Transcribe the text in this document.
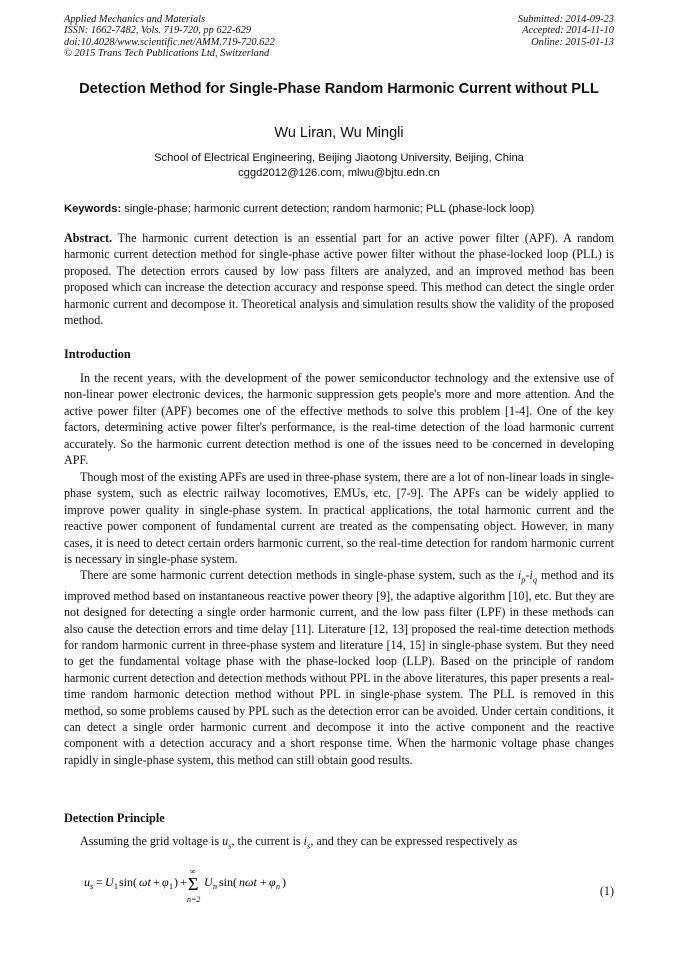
Applied Mechanics and Materials
ISSN: 1662-7482, Vols. 719-720, pp 622-629
doi:10.4028/www.scientific.net/AMM.719-720.622
© 2015 Trans Tech Publications Ltd, Switzerland
Submitted: 2014-09-23
Accepted: 2014-11-10
Online: 2015-01-13
Detection Method for Single-Phase Random Harmonic Current without PLL
Wu Liran, Wu Mingli
School of Electrical Engineering, Beijing Jiaotong University, Beijing, China
cggd2012@126.com, mlwu@bjtu.edn.cn
Keywords: single-phase; harmonic current detection; random harmonic; PLL (phase-lock loop)
Abstract. The harmonic current detection is an essential part for an active power filter (APF). A random harmonic current detection method for single-phase active power filter without the phase-locked loop (PLL) is proposed. The detection errors caused by low pass filters are analyzed, and an improved method has been proposed which can increase the detection accuracy and response speed. This method can detect the single order harmonic current and decompose it. Theoretical analysis and simulation results show the validity of the proposed method.
Introduction
In the recent years, with the development of the power semiconductor technology and the extensive use of non-linear power electronic devices, the harmonic suppression gets people's more and more attention. And the active power filter (APF) becomes one of the effective methods to solve this problem [1-4]. One of the key factors, determining active power filter's performance, is the real-time detection of the load harmonic current accurately. So the harmonic current detection method is one of the issues need to be concerned in developing APF.
Though most of the existing APFs are used in three-phase system, there are a lot of non-linear loads in single-phase system, such as electric railway locomotives, EMUs, etc. [7-9]. The APFs can be widely applied to improve power quality in single-phase system. In practical applications, the total harmonic current and the reactive power component of fundamental current are treated as the compensating object. However, in many cases, it is need to detect certain orders harmonic current, so the real-time detection for random harmonic current is necessary in single-phase system.
There are some harmonic current detection methods in single-phase system, such as the $i_p-i_q$ method and its improved method based on instantaneous reactive power theory [9], the adaptive algorithm [10], etc. But they are not designed for detecting a single order harmonic current, and the low pass filter (LPF) in these methods can also cause the detection errors and time delay [11]. Literature [12, 13] proposed the real-time detection methods for random harmonic current in three-phase system and literature [14, 15] in single-phase system. But they need to get the fundamental voltage phase with the phase-locked loop (LLP). Based on the principle of random harmonic current detection and detection methods without PPL in the above literatures, this paper presents a real-time random harmonic detection method without PPL in single-phase system. The PLL is removed in this method, so some problems caused by PPL such as the detection error can be avoided. Under certain conditions, it can detect a single order harmonic current and decompose it into the active component and the reactive component with a detection accuracy and a short response time. When the harmonic voltage phase changes rapidly in single-phase system, this method can still obtain good results.
Detection Principle
Assuming the grid voltage is $u_s$, the current is $i_s$, and they can be expressed respectively as
u s = U 1 sin( ωt + φ 1 ) +
∞
Σ
n=2
U n sin( nωt + φ n )
(1)
